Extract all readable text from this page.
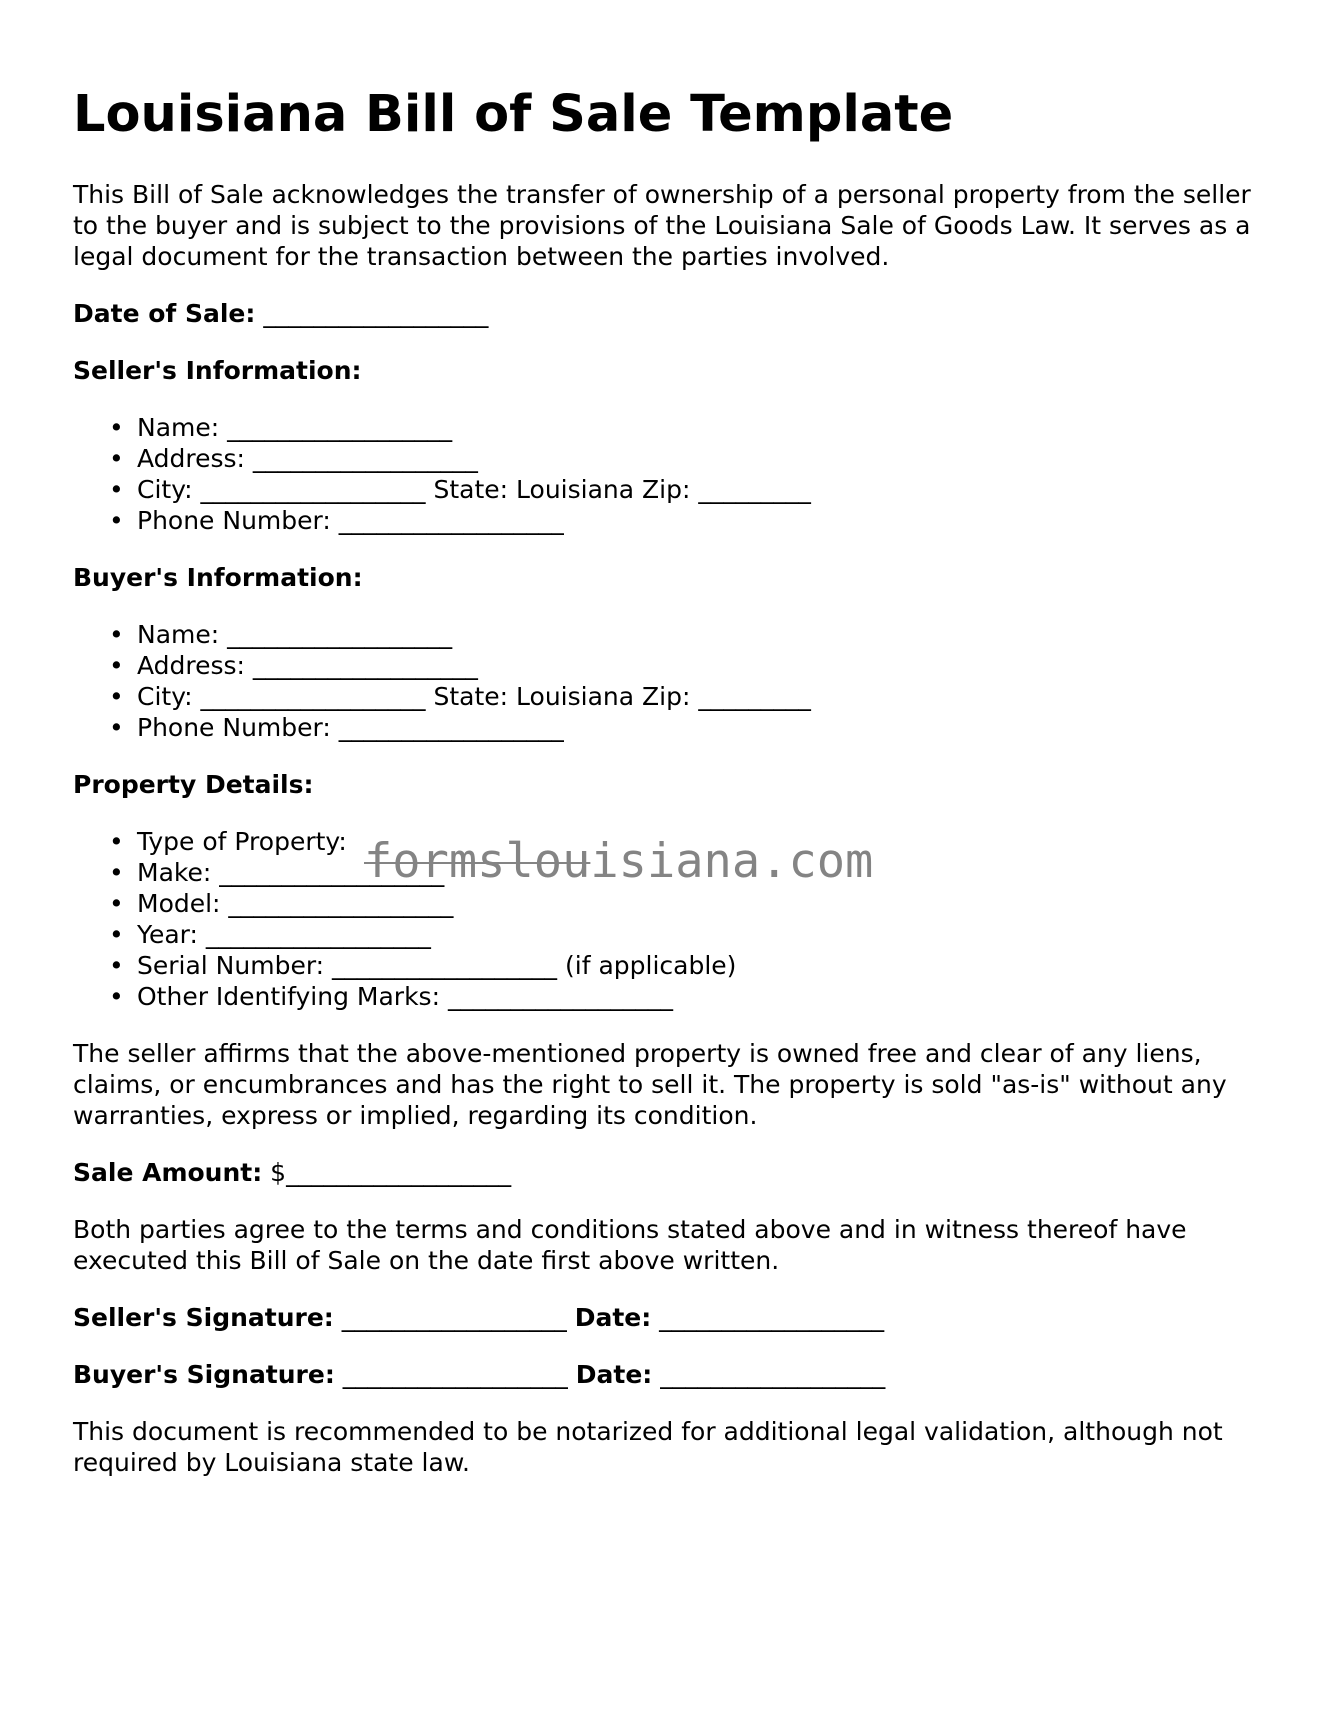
Louisiana Bill of Sale Template

This Bill of Sale acknowledges the transfer of ownership of a personal property from the seller to the buyer and is subject to the provisions of the Louisiana Sale of Goods Law. It serves as a legal document for the transaction between the parties involved.

Date of Sale: __________________

Seller's Information:

• Name: __________________
• Address: __________________
• City: __________________ State: Louisiana Zip: _________
• Phone Number: __________________

Buyer's Information:

• Name: __________________
• Address: __________________
• City: __________________ State: Louisiana Zip: _________
• Phone Number: __________________

Property Details:

• Type of Property:
• Make: __________________
• Model: __________________
• Year: __________________
• Serial Number: __________________ (if applicable)
• Other Identifying Marks: __________________

The seller affirms that the above-mentioned property is owned free and clear of any liens, claims, or encumbrances and has the right to sell it. The property is sold "as-is" without any warranties, express or implied, regarding its condition.

Sale Amount: $__________________

Both parties agree to the terms and conditions stated above and in witness thereof have executed this Bill of Sale on the date first above written.

Seller's Signature: __________________ Date: __________________

Buyer's Signature: __________________ Date: __________________

This document is recommended to be notarized for additional legal validation, although not required by Louisiana state law.

formslouisiana.com
